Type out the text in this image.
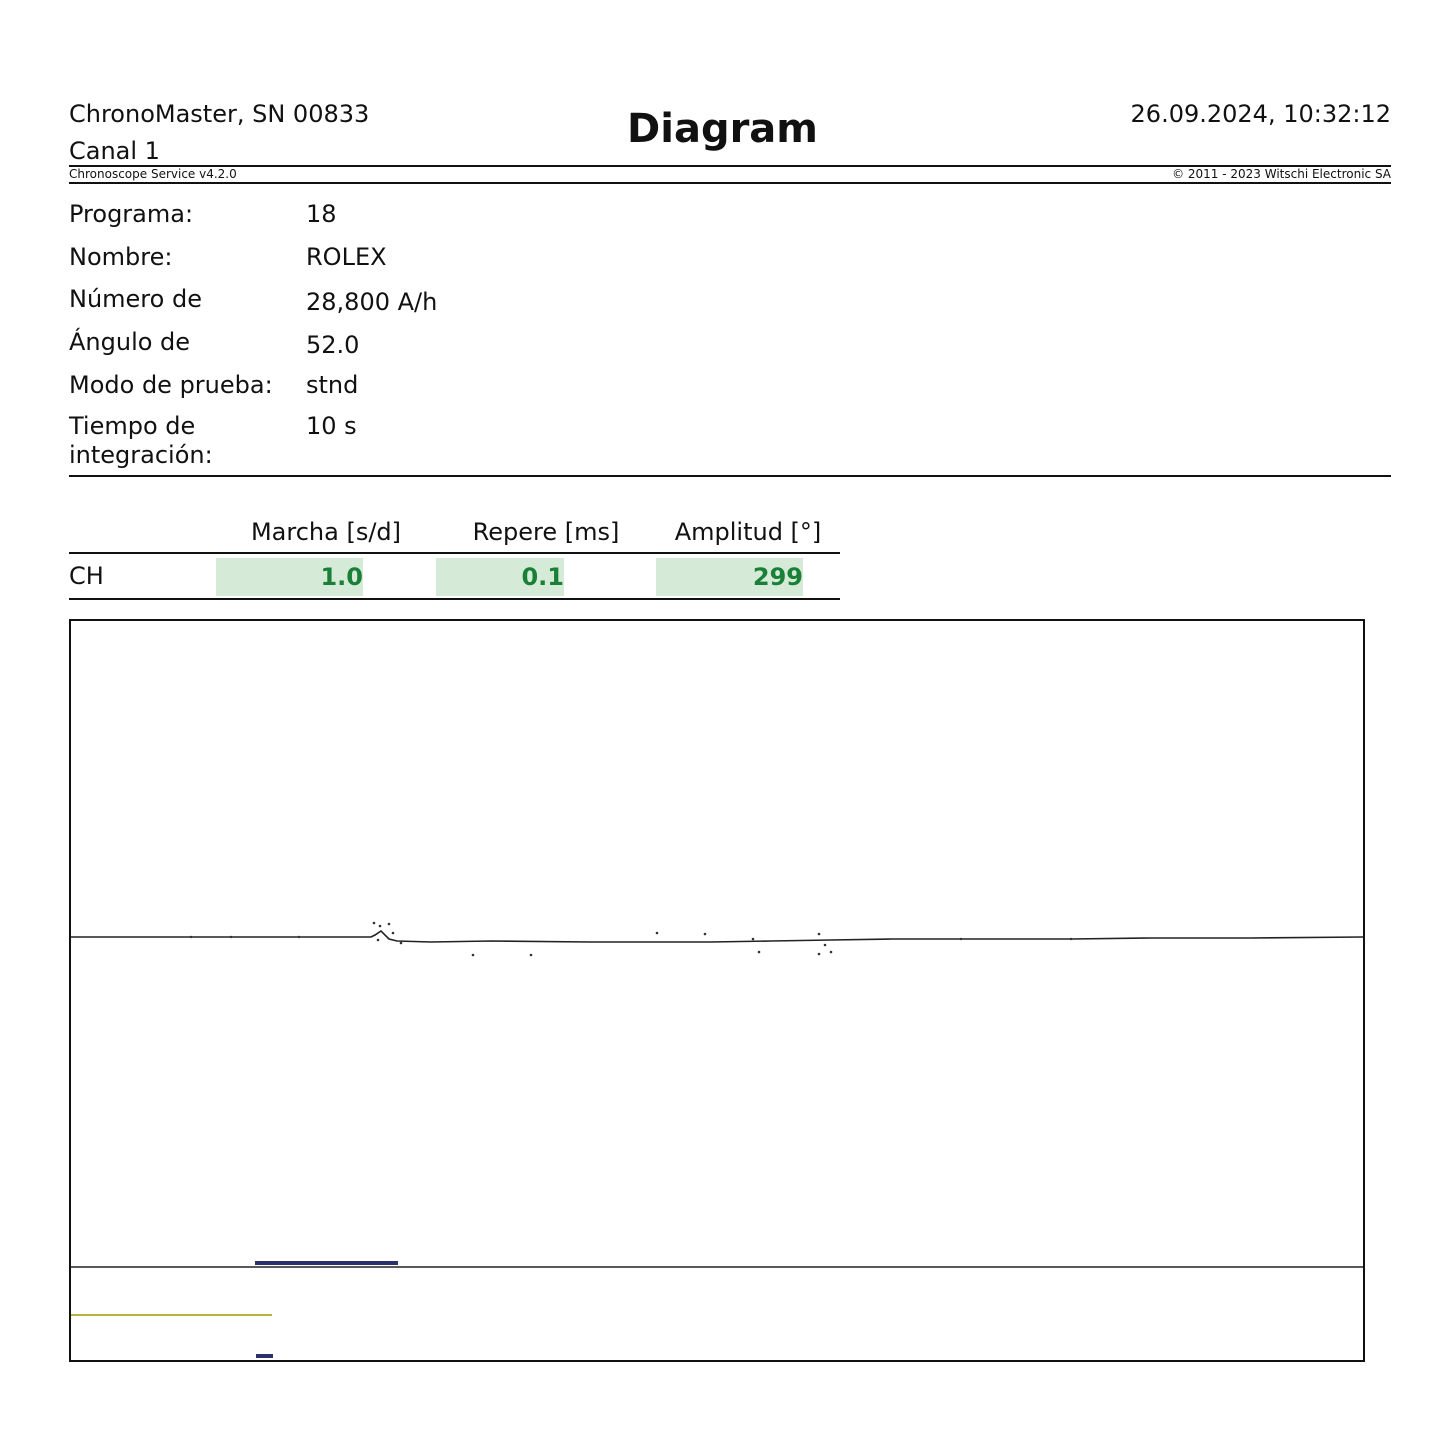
ChronoMaster, SN 00833
Canal 1	Diagram	26.09.2024, 10:32:12
Chronoscope Service v4.2.0	© 2011 - 2023 Witschi Electronic SA
Programa:	18
Nombre:	ROLEX
Número de	28,800 A/h
Ángulo de	52.0
Modo de prueba:	stnd
Tiempo de integración:
10 s
	Marcha [s/d]	Repere [ms]	Amplitud [°]
CH	1.0	0.1	299
